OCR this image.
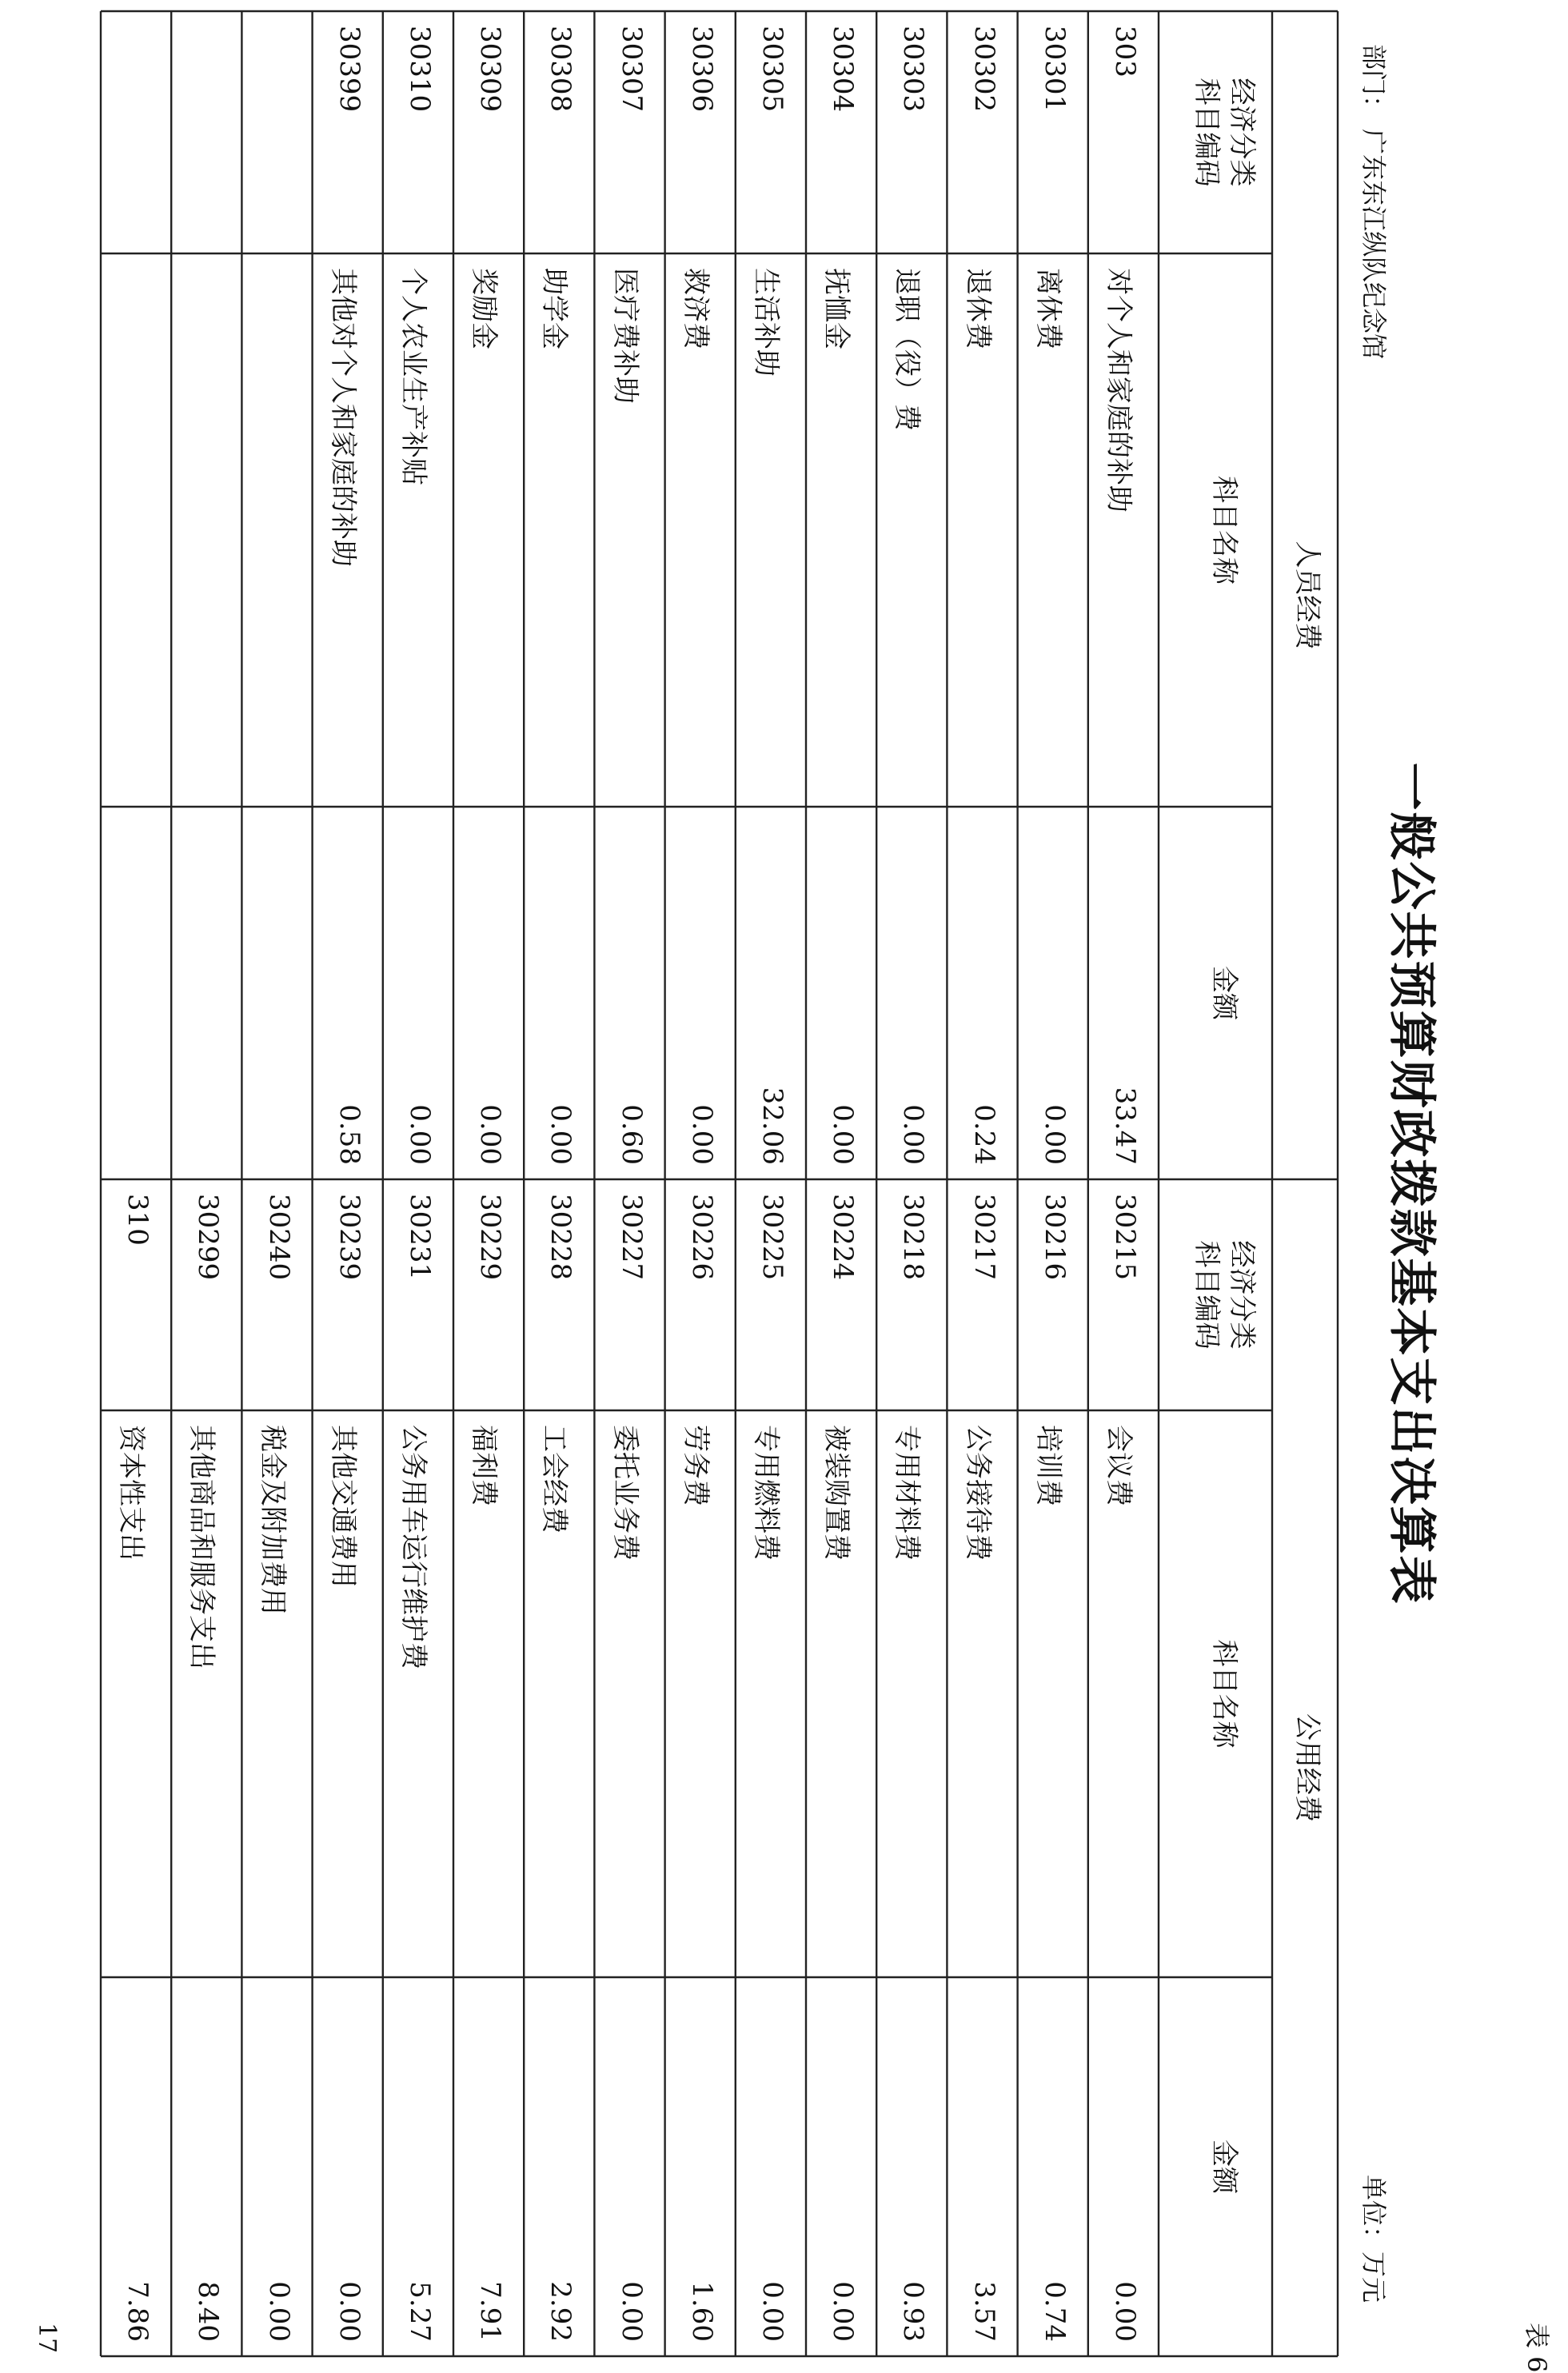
表 6
一般公共预算财政拨款基本支出决算表
部门： 广东东江纵队纪念馆
单位：万元
17
人员经费
公用经费
经济分类
科目编码
科目名称
金额
经济分类
科目编码
科目名称
金额
303
对个人和家庭的补助
33.47
30215
会议费
0.00
30301
离休费
0.00
30216
培训费
0.74
30302
退休费
0.24
30217
公务接待费
3.57
30303
退职（役）费
0.00
30218
专用材料费
0.93
30304
抚恤金
0.00
30224
被装购置费
0.00
30305
生活补助
32.06
30225
专用燃料费
0.00
30306
救济费
0.00
30226
劳务费
1.60
30307
医疗费补助
0.60
30227
委托业务费
0.00
30308
助学金
0.00
30228
工会经费
2.92
30309
奖励金
0.00
30229
福利费
7.91
30310
个人农业生产补贴
0.00
30231
公务用车运行维护费
5.27
30399
其他对个人和家庭的补助
0.58
30239
其他交通费用
0.00
30240
税金及附加费用
0.00
30299
其他商品和服务支出
8.40
310
资本性支出
7.86
